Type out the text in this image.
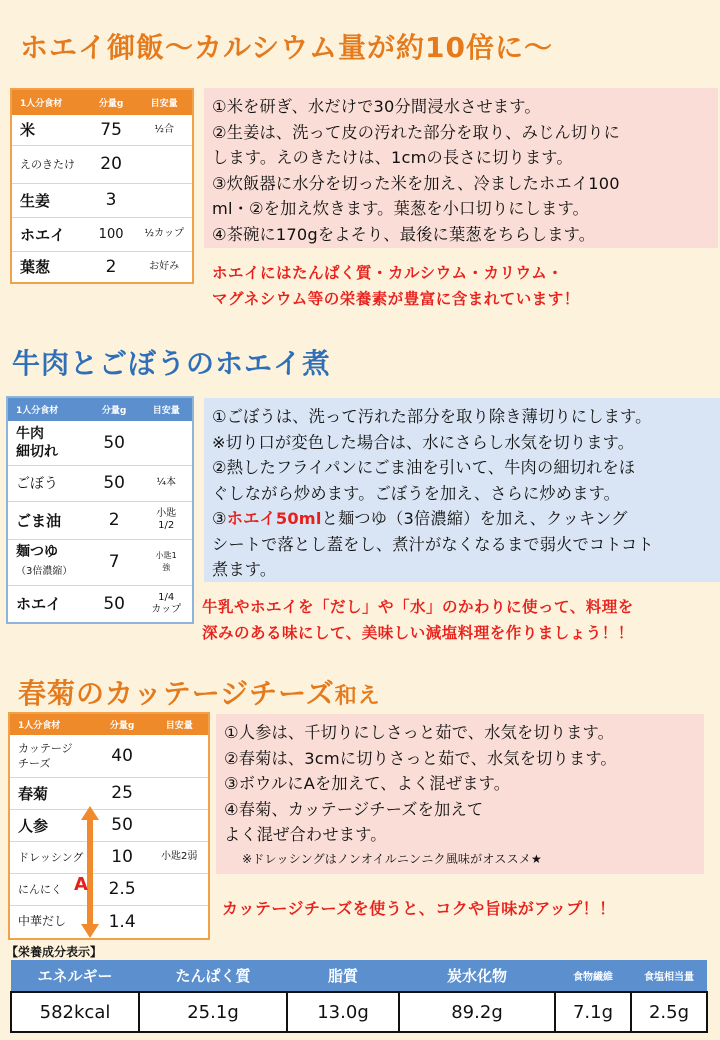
ホエイ御飯〜カルシウム量が約10倍に〜
1人分食材	分量g	目安量
米	75	½合
えのきたけ	20	
生姜	3	
ホエイ	100	½カップ
葉葱	2	お好み
①米を研ぎ、水だけで30分間浸水させます。
②生姜は、洗って皮の汚れた部分を取り、みじん切りに
します。えのきたけは、1cmの長さに切ります。
③炊飯器に水分を切った米を加え、冷ましたホエイ100
ml・②を加え炊きます。葉葱を小口切りにします。
④茶碗に170gをよそり、最後に葉葱をちらします。
ホエイにはたんぱく質・カルシウム・カリウム・
マグネシウム等の栄養素が豊富に含まれています！
牛肉とごぼうのホエイ煮
1人分食材	分量g	目安量
牛肉
細切れ	50	
ごぼう	50	¼本
ごま油	2	小匙
1/2
麺つゆ
（3倍濃縮）	7	小匙1
強
ホエイ	50	1/4
カップ
①ごぼうは、洗って汚れた部分を取り除き薄切りにします。
※切り口が変色した場合は、水にさらし水気を切ります。
②熱したフライパンにごま油を引いて、牛肉の細切れをほ
ぐしながら炒めます。ごぼうを加え、さらに炒めます。
③ホエイ50mlと麺つゆ（3倍濃縮）を加え、クッキング
シートで落とし蓋をし、煮汁がなくなるまで弱火でコトコト
煮ます。
牛乳やホエイを「だし」や「水」のかわりに使って、料理を
深みのある味にして、美味しい減塩料理を作りましょう！！
春菊のカッテージチーズ和え
1人分食材	分量g	目安量
カッテージ
チーズ	40	
春菊	25	
人参	50	
ドレッシング	10	小匙2弱
にんにく	2.5	
中華だし	1.4	
A
①人参は、千切りにしさっと茹で、水気を切ります。
②春菊は、3cmに切りさっと茹で、水気を切ります。
③ボウルにAを加えて、よく混ぜます。
④春菊、カッテージチーズを加えて
よく混ぜ合わせます。
※ドレッシングはノンオイルニンニク風味がオススメ★
カッテージチーズを使うと、コクや旨味がアップ！！
【栄養成分表示】
エネルギー	たんぱく質	脂質	炭水化物	食物繊維	食塩相当量
582kcal	25.1g	13.0g	89.2g	7.1g	2.5g
